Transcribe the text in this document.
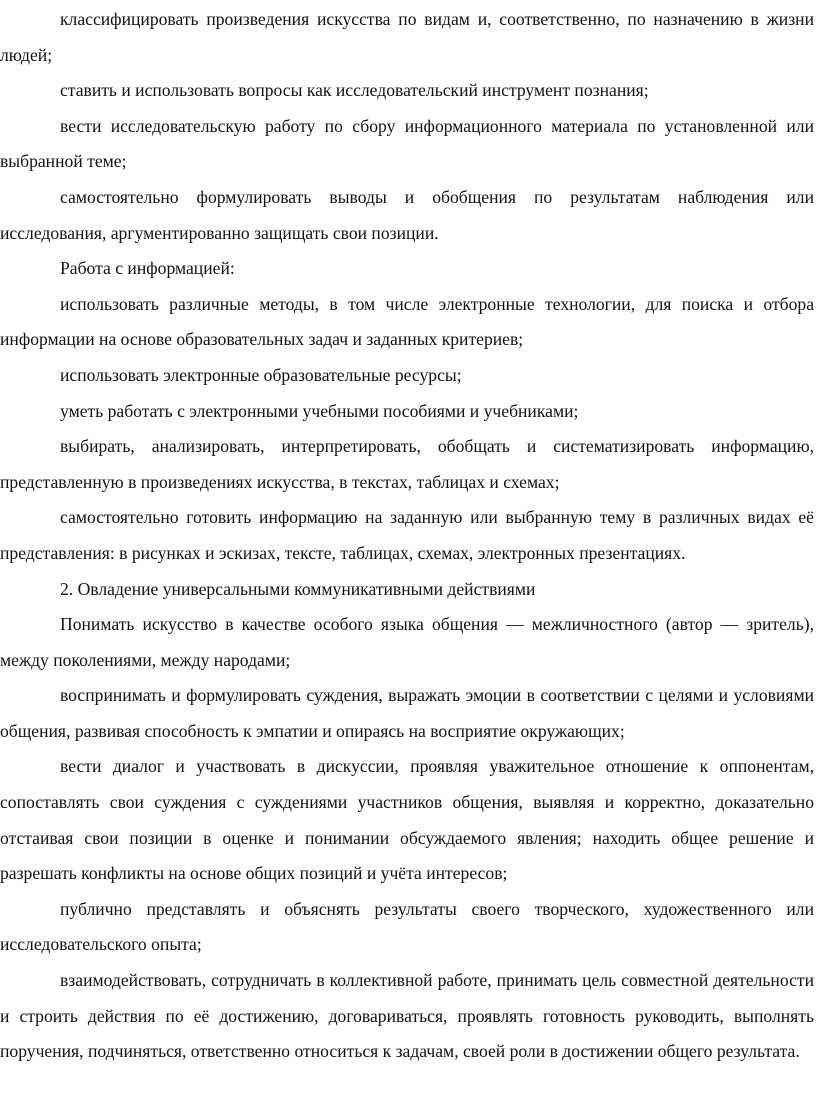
классифицировать произведения искусства по видам и, соответственно, по назначению в жизни людей;

ставить и использовать вопросы как исследовательский инструмент познания;

вести исследовательскую работу по сбору информационного материала по установленной или выбранной теме;

самостоятельно формулировать выводы и обобщения по результатам наблюдения или исследования, аргументированно защищать свои позиции.

Работа с информацией:

использовать различные методы, в том числе электронные технологии, для поиска и отбора информации на основе образовательных задач и заданных критериев;

использовать электронные образовательные ресурсы;

уметь работать с электронными учебными пособиями и учебниками;

выбирать, анализировать, интерпретировать, обобщать и систематизировать информацию, представленную в произведениях искусства, в текстах, таблицах и схемах;

самостоятельно готовить информацию на заданную или выбранную тему в различных видах её представления: в рисунках и эскизах, тексте, таблицах, схемах, электронных презентациях.

2. Овладение универсальными коммуникативными действиями

Понимать искусство в качестве особого языка общения — межличностного (автор — зритель), между поколениями, между народами;

воспринимать и формулировать суждения, выражать эмоции в соответствии с целями и условиями общения, развивая способность к эмпатии и опираясь на восприятие окружающих;

вести диалог и участвовать в дискуссии, проявляя уважительное отношение к оппонентам, сопоставлять свои суждения с суждениями участников общения, выявляя и корректно, доказательно отстаивая свои позиции в оценке и понимании обсуждаемого явления; находить общее решение и разрешать конфликты на основе общих позиций и учёта интересов;

публично представлять и объяснять результаты своего творческого, художественного или исследовательского опыта;

взаимодействовать, сотрудничать в коллективной работе, принимать цель совместной деятельности и строить действия по её достижению, договариваться, проявлять готовность руководить, выполнять поручения, подчиняться, ответственно относиться к задачам, своей роли в достижении общего результата.
